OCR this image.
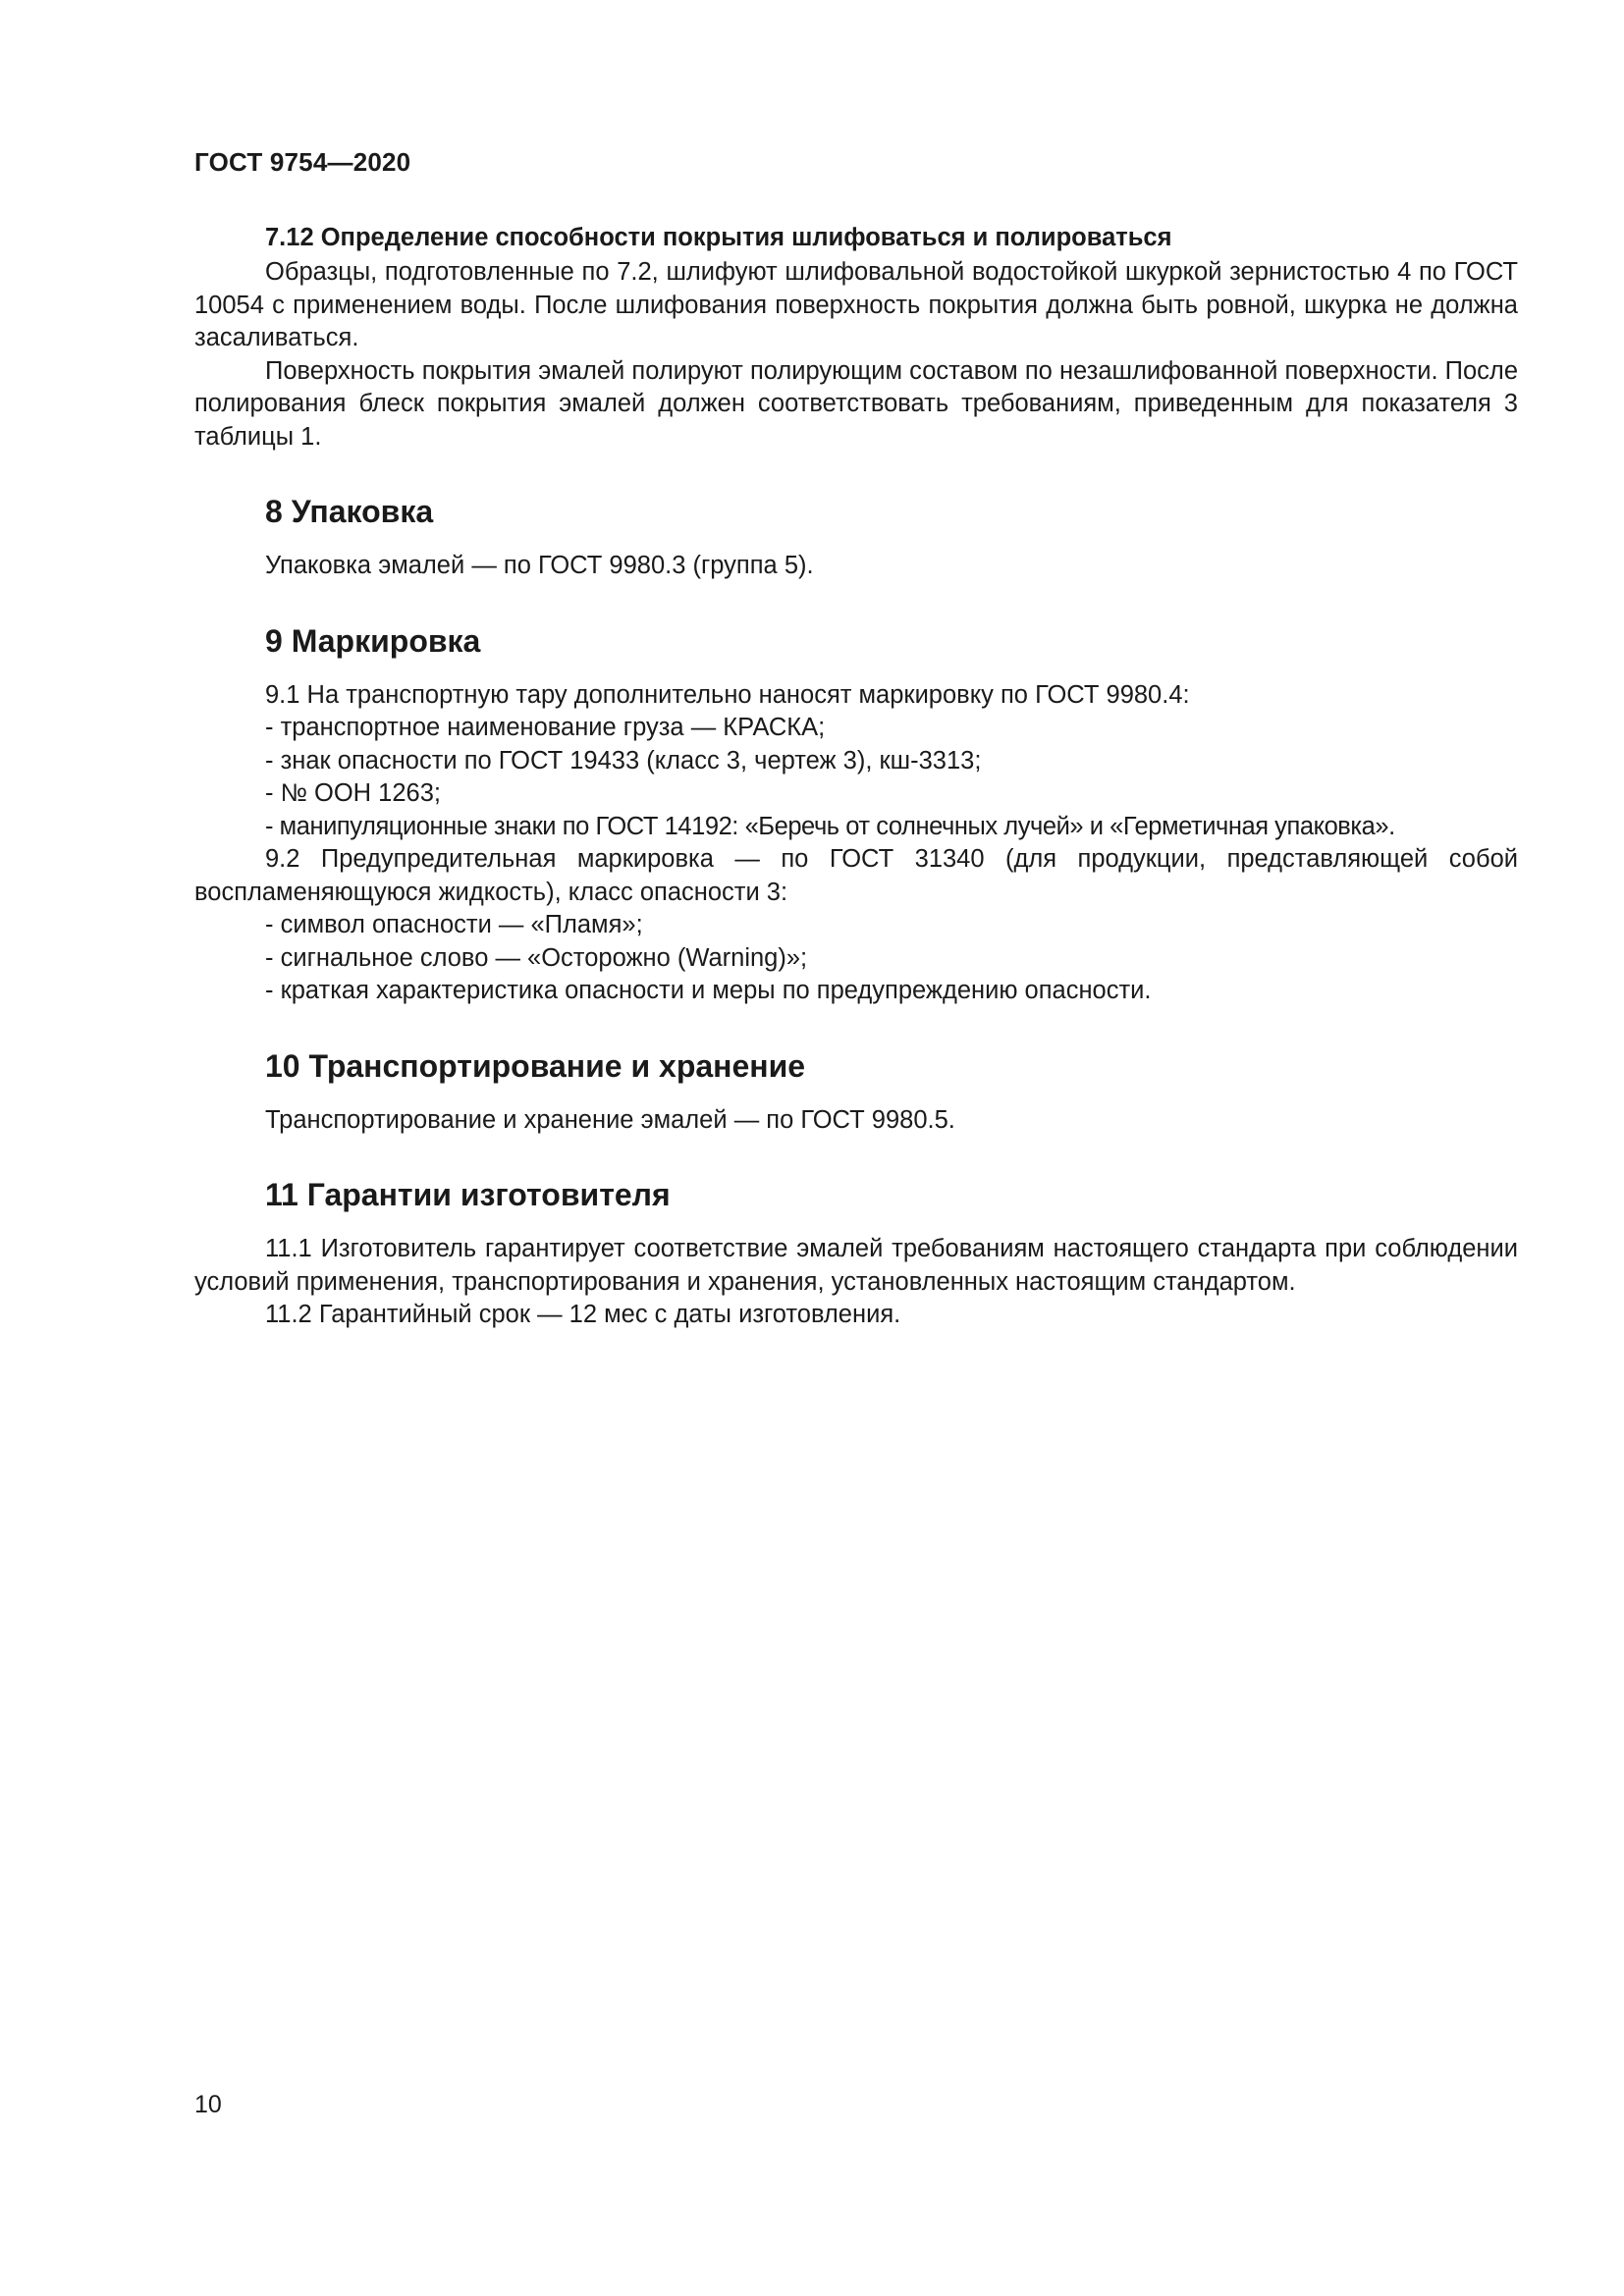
ГОСТ 9754—2020
7.12 Определение способности покрытия шлифоваться и полироваться

Образцы, подготовленные по 7.2, шлифуют шлифовальной водостойкой шкуркой зернистостью 4 по ГОСТ 10054 с применением воды. После шлифования поверхность покрытия должна быть ровной, шкурка не должна засаливаться.

Поверхность покрытия эмалей полируют полирующим составом по незашлифованной поверхности. После полирования блеск покрытия эмалей должен соответствовать требованиям, приведенным для показателя 3 таблицы 1.

8 Упаковка

Упаковка эмалей — по ГОСТ 9980.3 (группа 5).

9 Маркировка

9.1 На транспортную тару дополнительно наносят маркировку по ГОСТ 9980.4:

- транспортное наименование груза — КРАСКА;

- знак опасности по ГОСТ 19433 (класс 3, чертеж 3), кш-3313;

- № ООН 1263;

- манипуляционные знаки по ГОСТ 14192: «Беречь от солнечных лучей» и «Герметичная упаковка».

9.2 Предупредительная маркировка — по ГОСТ 31340 (для продукции, представляющей собой воспламеняющуюся жидкость), класс опасности 3:

- символ опасности — «Пламя»;

- сигнальное слово — «Осторожно (Warning)»;

- краткая характеристика опасности и меры по предупреждению опасности.

10 Транспортирование и хранение

Транспортирование и хранение эмалей — по ГОСТ 9980.5.

11 Гарантии изготовителя

11.1 Изготовитель гарантирует соответствие эмалей требованиям настоящего стандарта при соблюдении условий применения, транспортирования и хранения, установленных настоящим стандартом.

11.2 Гарантийный срок — 12 мес с даты изготовления.

10
